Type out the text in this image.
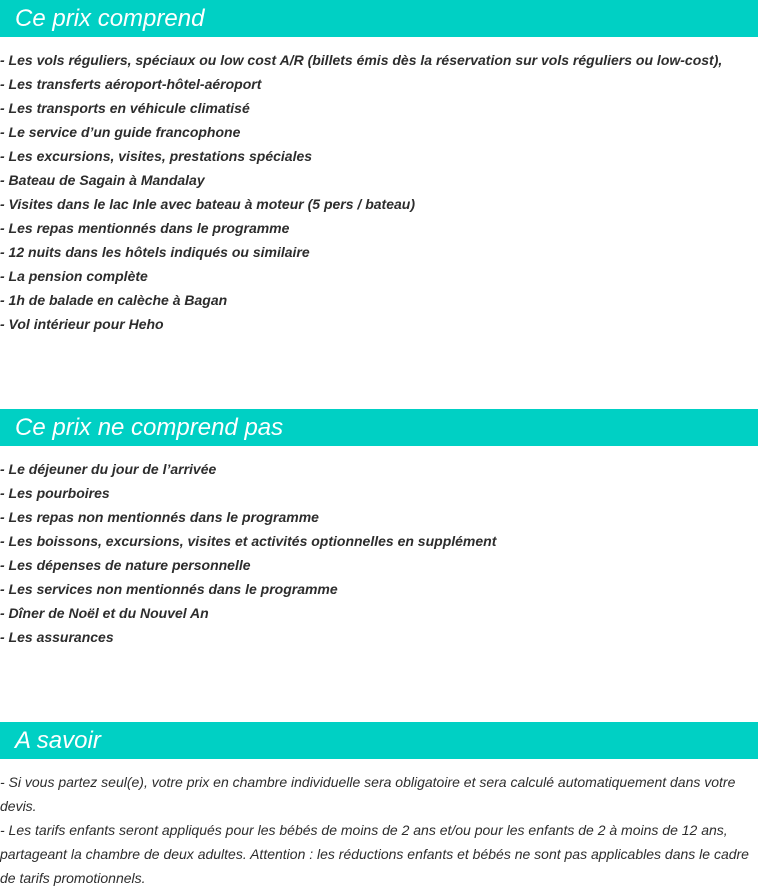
Ce prix comprend
- Les vols réguliers, spéciaux ou low cost A/R (billets émis dès la réservation sur vols réguliers ou low-cost),
- Les transferts aéroport-hôtel-aéroport
- Les transports en véhicule climatisé
- Le service d’un guide francophone
- Les excursions, visites, prestations spéciales
- Bateau de Sagain à Mandalay
- Visites dans le lac Inle avec bateau à moteur (5 pers / bateau)
- Les repas mentionnés dans le programme
- 12 nuits dans les hôtels indiqués ou similaire
- La pension complète
- 1h de balade en calèche à Bagan
- Vol intérieur pour Heho
Ce prix ne comprend pas
- Le déjeuner du jour de l’arrivée
- Les pourboires
- Les repas non mentionnés dans le programme
- Les boissons, excursions, visites et activités optionnelles en supplément
- Les dépenses de nature personnelle
- Les services non mentionnés dans le programme
- Dîner de Noël et du Nouvel An
- Les assurances
A savoir

- Si vous partez seul(e), votre prix en chambre individuelle sera obligatoire et sera calculé automatiquement dans votre devis.

- Les tarifs enfants seront appliqués pour les bébés de moins de 2 ans et/ou pour les enfants de 2 à moins de 12 ans, partageant la chambre de deux adultes. Attention : les réductions enfants et bébés ne sont pas applicables dans le cadre de tarifs promotionnels.
